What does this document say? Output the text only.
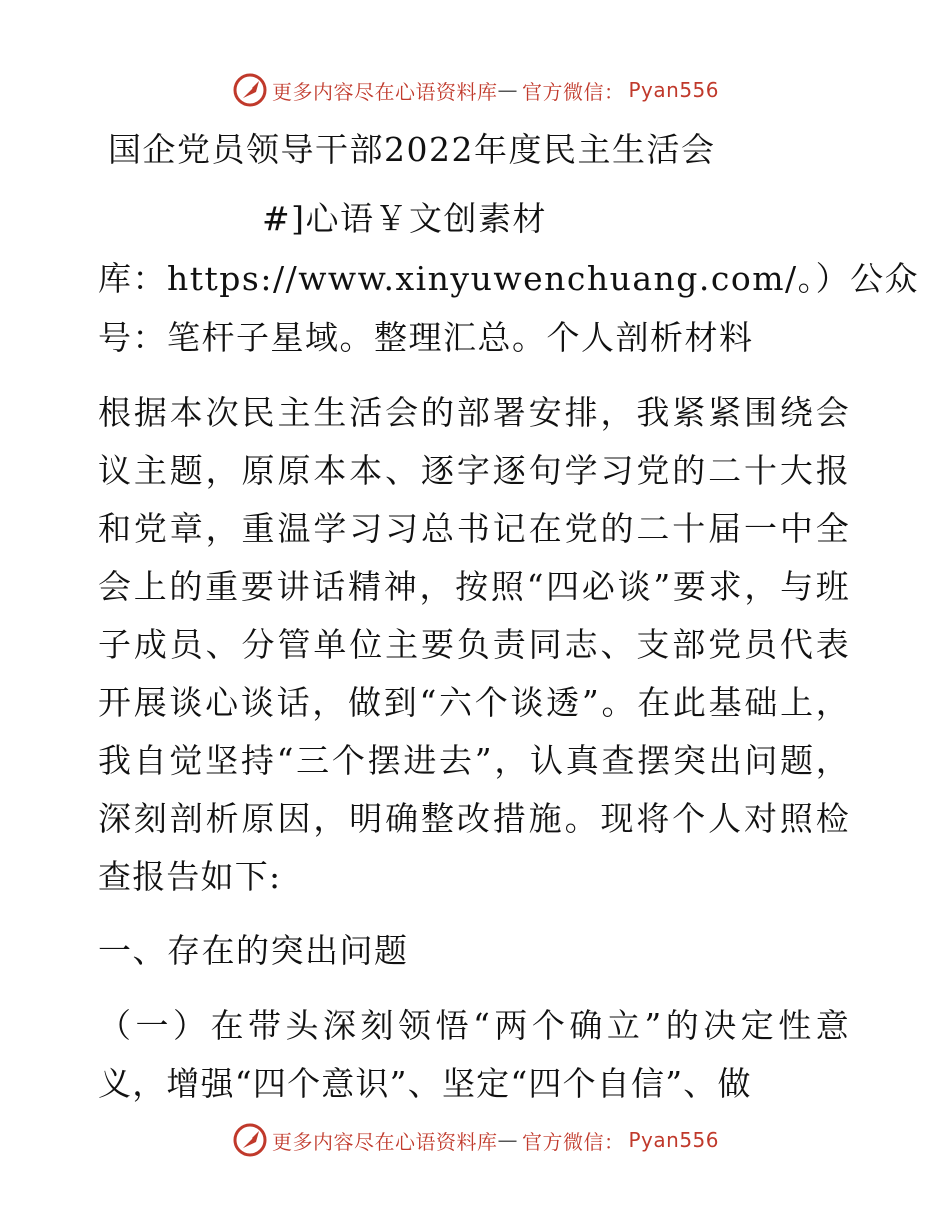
更多内容尽在心语资料库 — 官方微信： Pyan556
国企党员领导干部2022年度民主生活会
#]心语￥文创素材
库：https://www.xinyuwenchuang.com/。）公众
号：笔杆子星域。整理汇总。个人剖析材料
根据本次民主生活会的部署安排，我紧紧围绕会议主题，原原本本、逐字逐句学习党的二十大报和党章，重温学习习总书记在党的二十届一中全会上的重要讲话精神，按照“四必谈”要求，与班子成员、分管单位主要负责同志、支部党员代表开展谈心谈话，做到“六个谈透”。在此基础上，我自觉坚持“三个摆进去”，认真查摆突出问题，深刻剖析原因，明确整改措施。现将个人对照检查报告如下:
一、存在的突出问题
（一）在带头深刻领悟“两个确立”的决定性意义，增强“四个意识”、坚定“四个自信”、做
更多内容尽在心语资料库 — 官方微信： Pyan556
